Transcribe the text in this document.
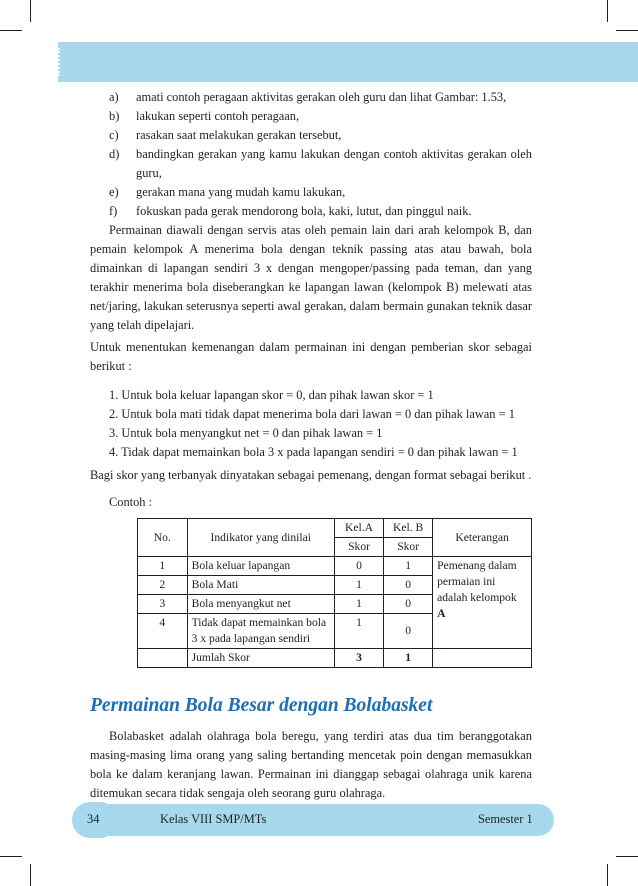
a) amati contoh peragaan aktivitas gerakan oleh guru dan lihat Gambar: 1.53,
b) lakukan seperti contoh peragaan,
c) rasakan saat melakukan gerakan tersebut,
d) bandingkan gerakan yang kamu lakukan dengan contoh aktivitas gerakan oleh guru,
e) gerakan mana yang mudah kamu lakukan,
f) fokuskan pada gerak mendorong bola, kaki, lutut, dan pinggul naik.

Permainan diawali dengan servis atas oleh pemain lain dari arah kelompok B, dan pemain kelompok A menerima bola dengan teknik passing atas atau bawah, bola dimainkan di lapangan sendiri 3 x dengan mengoper/passing pada teman, dan yang terakhir menerima bola diseberangkan ke lapangan lawan (kelompok B) melewati atas net/jaring, lakukan seterusnya seperti awal gerakan, dalam bermain gunakan teknik dasar yang telah dipelajari.

Untuk menentukan kemenangan dalam permainan ini dengan pemberian skor sebagai berikut :

1. Untuk bola keluar lapangan skor = 0, dan pihak lawan skor = 1
2. Untuk bola mati tidak dapat menerima bola dari lawan = 0 dan pihak lawan = 1
3. Untuk bola menyangkut net = 0 dan pihak lawan = 1
4. Tidak dapat memainkan bola 3 x pada lapangan sendiri = 0 dan pihak lawan = 1

Bagi skor yang terbanyak dinyatakan sebagai pemenang, dengan format sebagai berikut .

Contoh :
No.	Indikator yang dinilai	Kel.A	Kel. B	Keterangan
		Skor	Skor	
1	Bola keluar lapangan	0	1	Pemenang dalam permaian ini adalah kelompok A
2	Bola Mati	1	0	
3	Bola menyangkut net	1	0	
4	Tidak dapat memainkan bola 3 x pada lapangan sendiri	1	0	
	Jumlah Skor	3	1	
Permainan Bola Besar dengan Bolabasket

Bolabasket adalah olahraga bola beregu, yang terdiri atas dua tim beranggotakan masing-masing lima orang yang saling bertanding mencetak poin dengan memasukkan bola ke dalam keranjang lawan. Permainan ini dianggap sebagai olahraga unik karena ditemukan secara tidak sengaja oleh seorang guru olahraga.

34	Kelas VIII SMP/MTs	Semester 1
